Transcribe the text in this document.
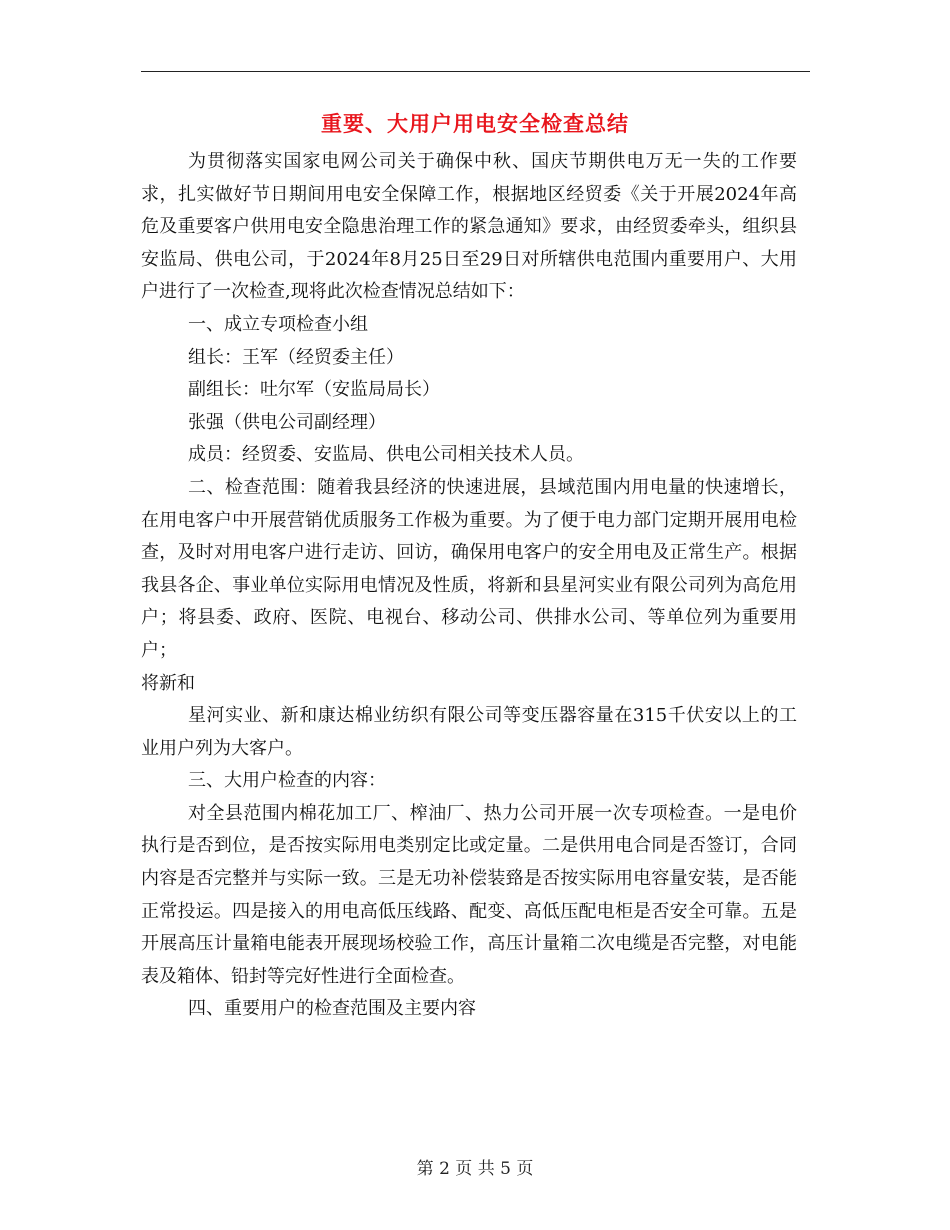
重要、大用户用电安全检查总结

为贯彻落实国家电网公司关于确保中秋、国庆节期供电万无一失的工作要求，扎实做好节日期间用电安全保障工作，根据地区经贸委《关于开展2024年高危及重要客户供用电安全隐患治理工作的紧急通知》要求，由经贸委牵头，组织县安监局、供电公司，于2024年8月25日至29日对所辖供电范围内重要用户、大用户进行了一次检查,现将此次检查情况总结如下：

一、成立专项检查小组

组长：王军（经贸委主任）

副组长：吐尔军（安监局局长）

张强（供电公司副经理）

成员：经贸委、安监局、供电公司相关技术人员。

二、检查范围：随着我县经济的快速进展，县域范围内用电量的快速增长，在用电客户中开展营销优质服务工作极为重要。为了便于电力部门定期开展用电检查，及时对用电客户进行走访、回访，确保用电客户的安全用电及正常生产。根据我县各企、事业单位实际用电情况及性质，将新和县星河实业有限公司列为高危用户；将县委、政府、医院、电视台、移动公司、供排水公司、等单位列为重要用户；

将新和

星河实业、新和康达棉业纺织有限公司等变压器容量在315千伏安以上的工业用户列为大客户。

三、大用户检查的内容：

对全县范围内棉花加工厂、榨油厂、热力公司开展一次专项检查。一是电价执行是否到位，是否按实际用电类别定比或定量。二是供用电合同是否签订，合同内容是否完整并与实际一致。三是无功补偿装臵是否按实际用电容量安装，是否能正常投运。四是接入的用电高低压线路、配变、高低压配电柜是否安全可靠。五是开展高压计量箱电能表开展现场校验工作，高压计量箱二次电缆是否完整，对电能表及箱体、铅封等完好性进行全面检查。

四、重要用户的检查范围及主要内容

第 2 页 共 5 页
